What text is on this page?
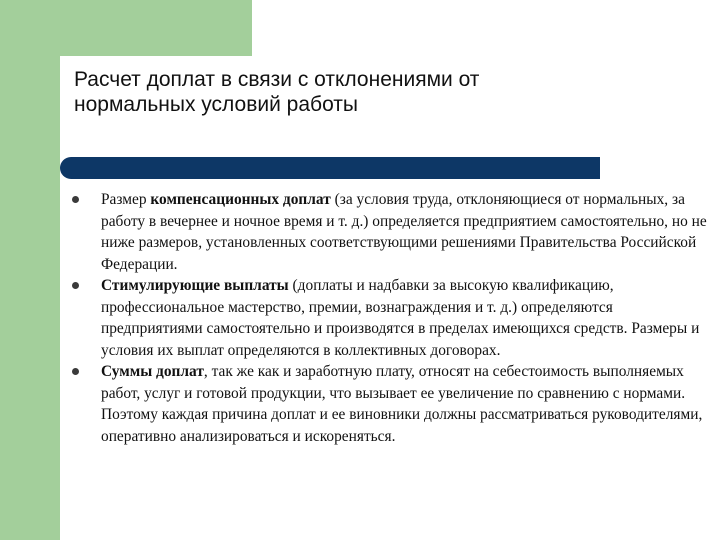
Расчет доплат в связи с отклонениями от
нормальных условий работы
Размер компенсационных доплат (за условия труда, отклоняющиеся от нормальных, за работу в вечернее и ночное время и т. д.) определяется предприятием самостоятельно, но не ниже размеров, установленных соответствующими решениями Правительства Российской Федерации.
Стимулирующие выплаты (доплаты и надбавки за высокую квалификацию, профессиональное мастерство, премии, вознаграждения и т. д.) определяются предприятиями самостоятельно и производятся в пределах имеющихся средств. Размеры и условия их выплат определяются в коллективных договорах.
Суммы доплат, так же как и заработную плату, относят на себестоимость выполняемых работ, услуг и готовой продукции, что вызывает ее увеличение по сравнению с нормами. Поэтому каждая причина доплат и ее виновники должны рассматриваться руководителями, оперативно анализироваться и искореняться.
